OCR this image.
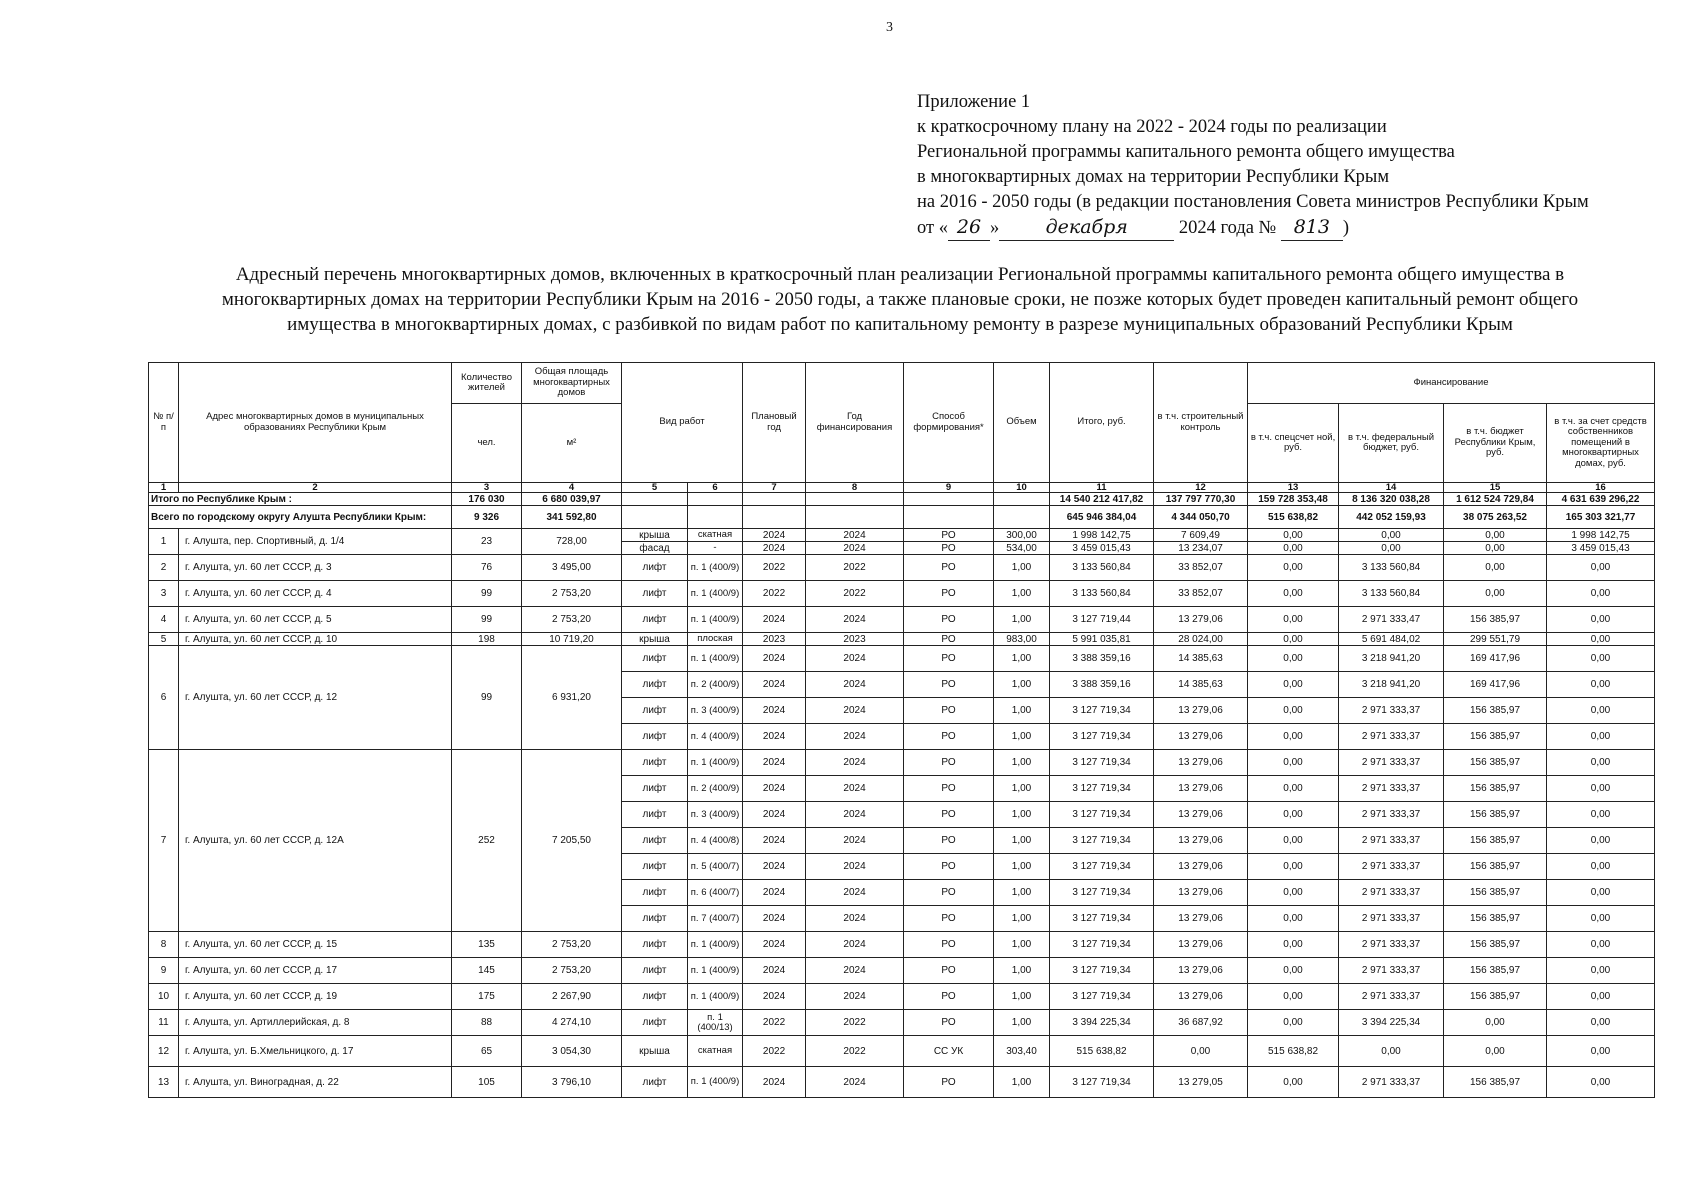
3
Приложение 1
к краткосрочному плану на 2022 - 2024 годы по реализации
Региональной программы капитального ремонта общего имущества
в многоквартирных домах на территории Республики Крым
на 2016 - 2050 годы (в редакции постановления Совета министров Республики Крым
от « 26 » декабря	2024 года № 813 )
Адресный перечень многоквартирных домов, включенных в краткосрочный план реализации Региональной программы капитального ремонта общего имущества в
многоквартирных домах на территории Республики Крым на 2016 - 2050 годы, а также плановые сроки, не позже которых будет проведен капитальный ремонт общего
имущества в многоквартирных домах, с разбивкой по видам работ по капитальному ремонту в разрезе муниципальных образований Республики Крым
№ п/п	Адрес многоквартирных домов в муниципальных образованиях Республики Крым	Количество жителей	Общая площадь многоквартирных домов	Вид работ		Плановый год	Год финансирования	Способ формирования*	Объем	Итого, руб.	в т.ч. строительный контроль	Финансирование			
		чел.	м²									в т.ч. спецсчет ной, руб.	в т.ч. федеральный бюджет, руб.	в т.ч. бюджет Республики Крым, руб.	в т.ч. за счет средств собственников помещений в многоквартирных домах, руб.
1	2	3	4	5	6	7	8	9	10	11	12	13	14	15	16
Итого по Республике Крым :		176 030	6 680 039,97							14 540 212 417,82	137 797 770,30	159 728 353,48	8 136 320 038,28	1 612 524 729,84	4 631 639 296,22
Всего по городскому округу Алушта Республики Крым:		9 326	341 592,80							645 946 384,04	4 344 050,70	515 638,82	442 052 159,93	38 075 263,52	165 303 321,77
1	г. Алушта, пер. Спортивный, д. 1/4	23	728,00	крыша	скатная	2024	2024	РО	300,00	1 998 142,75	7 609,49	0,00	0,00	0,00	1 998 142,75
				фасад	-	2024	2024	РО	534,00	3 459 015,43	13 234,07	0,00	0,00	0,00	3 459 015,43
2	г. Алушта, ул. 60 лет СССР, д. 3	76	3 495,00	лифт	п. 1 (400/9)	2022	2022	РО	1,00	3 133 560,84	33 852,07	0,00	3 133 560,84	0,00	0,00
3	г. Алушта, ул. 60 лет СССР, д. 4	99	2 753,20	лифт	п. 1 (400/9)	2022	2022	РО	1,00	3 133 560,84	33 852,07	0,00	3 133 560,84	0,00	0,00
4	г. Алушта, ул. 60 лет СССР, д. 5	99	2 753,20	лифт	п. 1 (400/9)	2024	2024	РО	1,00	3 127 719,44	13 279,06	0,00	2 971 333,47	156 385,97	0,00
5	г. Алушта, ул. 60 лет СССР, д. 10	198	10 719,20	крыша	плоская	2023	2023	РО	983,00	5 991 035,81	28 024,00	0,00	5 691 484,02	299 551,79	0,00
6	г. Алушта, ул. 60 лет СССР, д. 12	99	6 931,20	лифт	п. 1 (400/9)	2024	2024	РО	1,00	3 388 359,16	14 385,63	0,00	3 218 941,20	169 417,96	0,00
				лифт	п. 2 (400/9)	2024	2024	РО	1,00	3 388 359,16	14 385,63	0,00	3 218 941,20	169 417,96	0,00
				лифт	п. 3 (400/9)	2024	2024	РО	1,00	3 127 719,34	13 279,06	0,00	2 971 333,37	156 385,97	0,00
				лифт	п. 4 (400/9)	2024	2024	РО	1,00	3 127 719,34	13 279,06	0,00	2 971 333,37	156 385,97	0,00
7	г. Алушта, ул. 60 лет СССР, д. 12А	252	7 205,50	лифт	п. 1 (400/9)	2024	2024	РО	1,00	3 127 719,34	13 279,06	0,00	2 971 333,37	156 385,97	0,00
				лифт	п. 2 (400/9)	2024	2024	РО	1,00	3 127 719,34	13 279,06	0,00	2 971 333,37	156 385,97	0,00
				лифт	п. 3 (400/9)	2024	2024	РО	1,00	3 127 719,34	13 279,06	0,00	2 971 333,37	156 385,97	0,00
				лифт	п. 4 (400/8)	2024	2024	РО	1,00	3 127 719,34	13 279,06	0,00	2 971 333,37	156 385,97	0,00
				лифт	п. 5 (400/7)	2024	2024	РО	1,00	3 127 719,34	13 279,06	0,00	2 971 333,37	156 385,97	0,00
				лифт	п. 6 (400/7)	2024	2024	РО	1,00	3 127 719,34	13 279,06	0,00	2 971 333,37	156 385,97	0,00
				лифт	п. 7 (400/7)	2024	2024	РО	1,00	3 127 719,34	13 279,06	0,00	2 971 333,37	156 385,97	0,00
8	г. Алушта, ул. 60 лет СССР, д. 15	135	2 753,20	лифт	п. 1 (400/9)	2024	2024	РО	1,00	3 127 719,34	13 279,06	0,00	2 971 333,37	156 385,97	0,00
9	г. Алушта, ул. 60 лет СССР, д. 17	145	2 753,20	лифт	п. 1 (400/9)	2024	2024	РО	1,00	3 127 719,34	13 279,06	0,00	2 971 333,37	156 385,97	0,00
10	г. Алушта, ул. 60 лет СССР, д. 19	175	2 267,90	лифт	п. 1 (400/9)	2024	2024	РО	1,00	3 127 719,34	13 279,06	0,00	2 971 333,37	156 385,97	0,00
11	г. Алушта, ул. Артиллерийская, д. 8	88	4 274,10	лифт	п. 1 (400/13)	2022	2022	РО	1,00	3 394 225,34	36 687,92	0,00	3 394 225,34	0,00	0,00
12	г. Алушта, ул. Б.Хмельницкого, д. 17	65	3 054,30	крыша	скатная	2022	2022	СС УК	303,40	515 638,82	0,00	515 638,82	0,00	0,00	0,00
13	г. Алушта, ул. Виноградная, д. 22	105	3 796,10	лифт	п. 1 (400/9)	2024	2024	РО	1,00	3 127 719,34	13 279,05	0,00	2 971 333,37	156 385,97	0,00
